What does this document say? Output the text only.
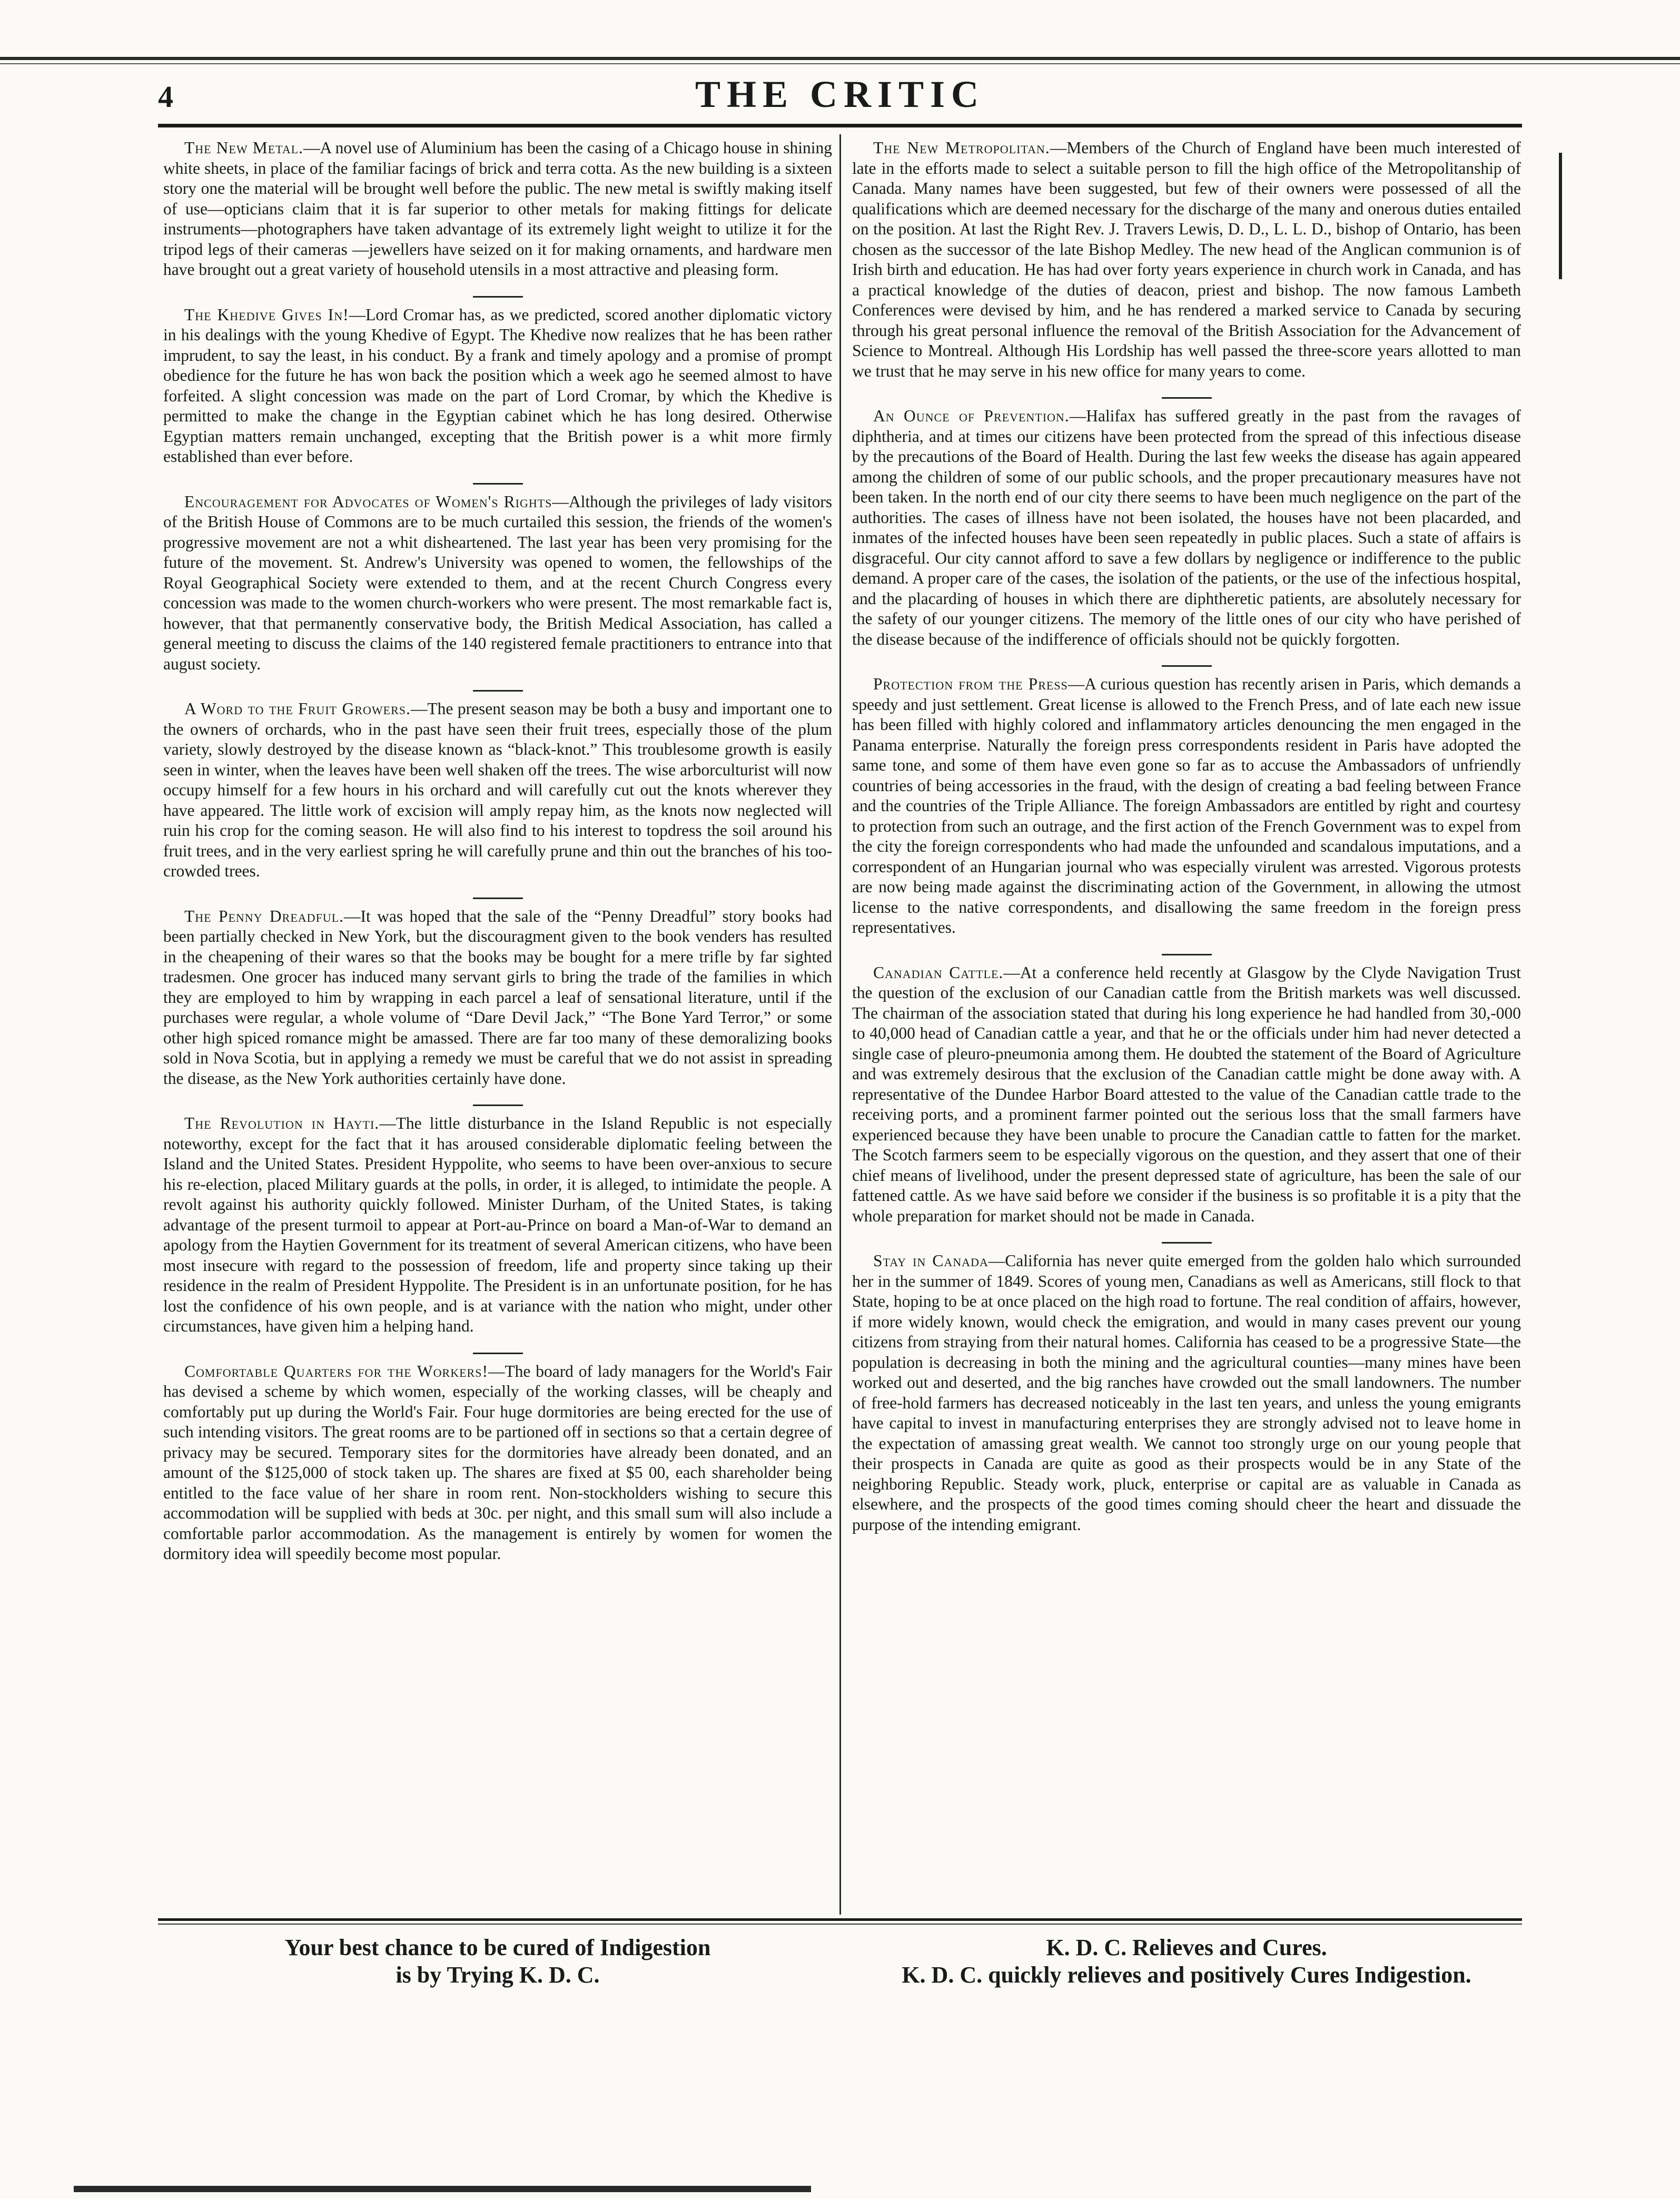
4	THE CRITIC
The New Metal.—A novel use of Aluminium has been the casing of a Chicago house in shining white sheets, in place of the familiar facings of brick and terra cotta. As the new building is a sixteen story one the material will be brought well before the public. The new metal is swiftly making itself of use—opticians claim that it is far superior to other metals for making fittings for delicate instruments—photographers have taken advantage of its extremely light weight to utilize it for the tripod legs of their cameras —jewellers have seized on it for making ornaments, and hardware men have brought out a great variety of household utensils in a most attractive and pleasing form.
The Khedive Gives In!—Lord Cromar has, as we predicted, scored another diplomatic victory in his dealings with the young Khedive of Egypt. The Khedive now realizes that he has been rather imprudent, to say the least, in his conduct. By a frank and timely apology and a promise of prompt obedience for the future he has won back the position which a week ago he seemed almost to have forfeited. A slight concession was made on the part of Lord Cromar, by which the Khedive is permitted to make the change in the Egyptian cabinet which he has long desired. Otherwise Egyptian matters remain unchanged, excepting that the British power is a whit more firmly established than ever before.
Encouragement for Advocates of Women's Rights—Although the privileges of lady visitors of the British House of Commons are to be much curtailed this session, the friends of the women's progressive movement are not a whit disheartened. The last year has been very promising for the future of the movement. St. Andrew's University was opened to women, the fellowships of the Royal Geographical Society were extended to them, and at the recent Church Congress every concession was made to the women church-workers who were present. The most remarkable fact is, however, that that permanently conservative body, the British Medical Association, has called a general meeting to discuss the claims of the 140 registered female practitioners to entrance into that august society.
A Word to the Fruit Growers.—The present season may be both a busy and important one to the owners of orchards, who in the past have seen their fruit trees, especially those of the plum variety, slowly destroyed by the disease known as “black-knot.” This troublesome growth is easily seen in winter, when the leaves have been well shaken off the trees. The wise arborculturist will now occupy himself for a few hours in his orchard and will carefully cut out the knots wherever they have appeared. The little work of excision will amply repay him, as the knots now neglected will ruin his crop for the coming season. He will also find to his interest to topdress the soil around his fruit trees, and in the very earliest spring he will carefully prune and thin out the branches of his too-crowded trees.
The Penny Dreadful.—It was hoped that the sale of the “Penny Dreadful” story books had been partially checked in New York, but the discouragment given to the book venders has resulted in the cheapening of their wares so that the books may be bought for a mere trifle by far sighted tradesmen. One grocer has induced many servant girls to bring the trade of the families in which they are employed to him by wrapping in each parcel a leaf of sensational literature, until if the purchases were regular, a whole volume of “Dare Devil Jack,” “The Bone Yard Terror,” or some other high spiced romance might be amassed. There are far too many of these demoralizing books sold in Nova Scotia, but in applying a remedy we must be careful that we do not assist in spreading the disease, as the New York authorities certainly have done.
The Revolution in Hayti.—The little disturbance in the Island Republic is not especially noteworthy, except for the fact that it has aroused considerable diplomatic feeling between the Island and the United States. President Hyppolite, who seems to have been over-anxious to secure his re-election, placed Military guards at the polls, in order, it is alleged, to intimidate the people. A revolt against his authority quickly followed. Minister Durham, of the United States, is taking advantage of the present turmoil to appear at Port-au-Prince on board a Man-of-War to demand an apology from the Haytien Government for its treatment of several American citizens, who have been most insecure with regard to the possession of freedom, life and property since taking up their residence in the realm of President Hyppolite. The President is in an unfortunate position, for he has lost the confidence of his own people, and is at variance with the nation who might, under other circumstances, have given him a helping hand.
Comfortable Quarters for the Workers!—The board of lady managers for the World's Fair has devised a scheme by which women, especially of the working classes, will be cheaply and comfortably put up during the World's Fair. Four huge dormitories are being erected for the use of such intending visitors. The great rooms are to be partioned off in sections so that a certain degree of privacy may be secured. Temporary sites for the dormitories have already been donated, and an amount of the $125,000 of stock taken up. The shares are fixed at $5 00, each shareholder being entitled to the face value of her share in room rent. Non-stockholders wishing to secure this accommodation will be supplied with beds at 30c. per night, and this small sum will also include a comfortable parlor accommodation. As the management is entirely by women for women the dormitory idea will speedily become most popular.
The New Metropolitan.—Members of the Church of England have been much interested of late in the efforts made to select a suitable person to fill the high office of the Metropolitanship of Canada. Many names have been suggested, but few of their owners were possessed of all the qualifications which are deemed necessary for the discharge of the many and onerous duties entailed on the position. At last the Right Rev. J. Travers Lewis, D. D., L. L. D., bishop of Ontario, has been chosen as the successor of the late Bishop Medley. The new head of the Anglican communion is of Irish birth and education. He has had over forty years experience in church work in Canada, and has a practical knowledge of the duties of deacon, priest and bishop. The now famous Lambeth Conferences were devised by him, and he has rendered a marked service to Canada by securing through his great personal influence the removal of the British Association for the Advancement of Science to Montreal. Although His Lordship has well passed the three-score years allotted to man we trust that he may serve in his new office for many years to come.
An Ounce of Prevention.—Halifax has suffered greatly in the past from the ravages of diphtheria, and at times our citizens have been protected from the spread of this infectious disease by the precautions of the Board of Health. During the last few weeks the disease has again appeared among the children of some of our public schools, and the proper precautionary measures have not been taken. In the north end of our city there seems to have been much negligence on the part of the authorities. The cases of illness have not been isolated, the houses have not been placarded, and inmates of the infected houses have been seen repeatedly in public places. Such a state of affairs is disgraceful. Our city cannot afford to save a few dollars by negligence or indifference to the public demand. A proper care of the cases, the isolation of the patients, or the use of the infectious hospital, and the placarding of houses in which there are diphtheretic patients, are absolutely necessary for the safety of our younger citizens. The memory of the little ones of our city who have perished of the disease because of the indifference of officials should not be quickly forgotten.
Protection from the Press—A curious question has recently arisen in Paris, which demands a speedy and just settlement. Great license is allowed to the French Press, and of late each new issue has been filled with highly colored and inflammatory articles denouncing the men engaged in the Panama enterprise. Naturally the foreign press correspondents resident in Paris have adopted the same tone, and some of them have even gone so far as to accuse the Ambassadors of unfriendly countries of being accessories in the fraud, with the design of creating a bad feeling between France and the countries of the Triple Alliance. The foreign Ambassadors are entitled by right and courtesy to protection from such an outrage, and the first action of the French Government was to expel from the city the foreign correspondents who had made the unfounded and scandalous imputations, and a correspondent of an Hungarian journal who was especially virulent was arrested. Vigorous protests are now being made against the discriminating action of the Government, in allowing the utmost license to the native correspondents, and disallowing the same freedom in the foreign press representatives.
Canadian Cattle.—At a conference held recently at Glasgow by the Clyde Navigation Trust the question of the exclusion of our Canadian cattle from the British markets was well discussed. The chairman of the association stated that during his long experience he had handled from 30,-000 to 40,000 head of Canadian cattle a year, and that he or the officials under him had never detected a single case of pleuro-pneumonia among them. He doubted the statement of the Board of Agriculture and was extremely desirous that the exclusion of the Canadian cattle might be done away with. A representative of the Dundee Harbor Board attested to the value of the Canadian cattle trade to the receiving ports, and a prominent farmer pointed out the serious loss that the small farmers have experienced because they have been unable to procure the Canadian cattle to fatten for the market. The Scotch farmers seem to be especially vigorous on the question, and they assert that one of their chief means of livelihood, under the present depressed state of agriculture, has been the sale of our fattened cattle. As we have said before we consider if the business is so profitable it is a pity that the whole preparation for market should not be made in Canada.
Stay in Canada—California has never quite emerged from the golden halo which surrounded her in the summer of 1849. Scores of young men, Canadians as well as Americans, still flock to that State, hoping to be at once placed on the high road to fortune. The real condition of affairs, however, if more widely known, would check the emigration, and would in many cases prevent our young citizens from straying from their natural homes. California has ceased to be a progressive State—the population is decreasing in both the mining and the agricultural counties—many mines have been worked out and deserted, and the big ranches have crowded out the small landowners. The number of free-hold farmers has decreased noticeably in the last ten years, and unless the young emigrants have capital to invest in manufacturing enterprises they are strongly advised not to leave home in the expectation of amassing great wealth. We cannot too strongly urge on our young people that their prospects in Canada are quite as good as their prospects would be in any State of the neighboring Republic. Steady work, pluck, enterprise or capital are as valuable in Canada as elsewhere, and the prospects of the good times coming should cheer the heart and dissuade the purpose of the intending emigrant.
Your best chance to be cured of Indigestion
is by Trying K. D. C.
K. D. C. Relieves and Cures.
K. D. C. quickly relieves and positively Cures Indigestion.
